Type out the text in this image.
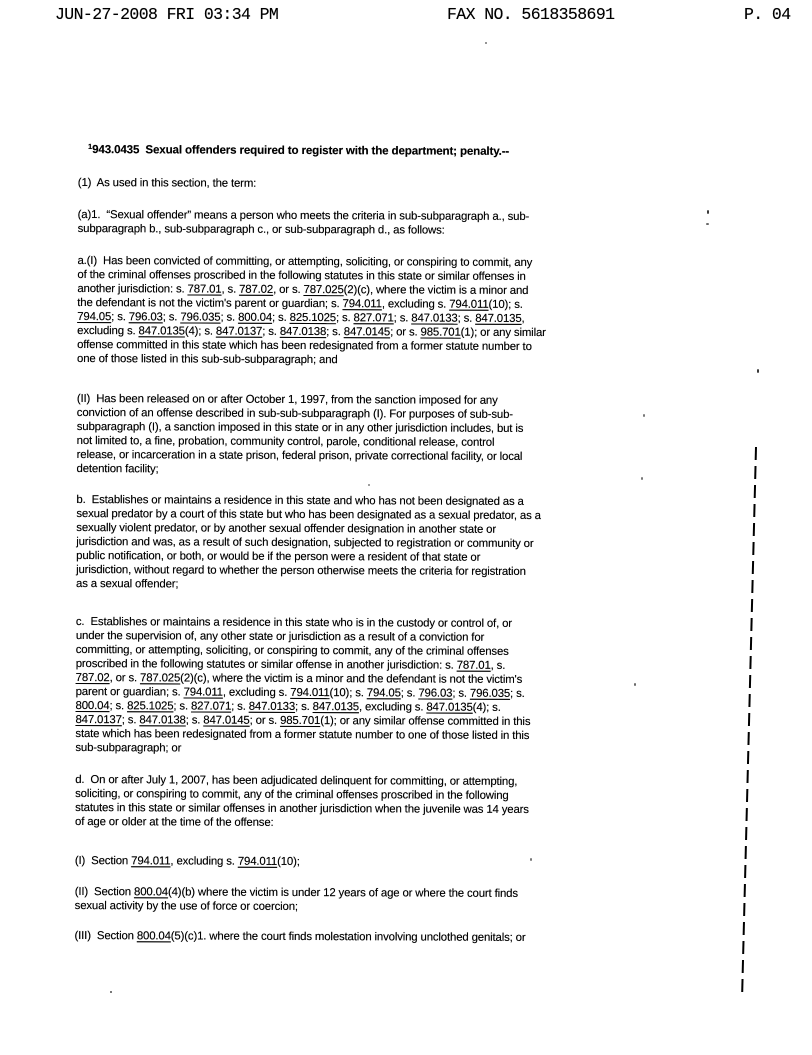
JUN-27-2008 FRI 03:34 PM	FAX NO. 5618358691	P. 04

$^1$943.0435  Sexual offenders required to register with the department; penalty.--

(1)  As used in this section, the term:

(a)1.  “Sexual offender” means a person who meets the criteria in sub-subparagraph a., sub-
subparagraph b., sub-subparagraph c., or sub-subparagraph d., as follows:

a.(I)  Has been convicted of committing, or attempting, soliciting, or conspiring to commit, any
of the criminal offenses proscribed in the following statutes in this state or similar offenses in
another jurisdiction: s. 787.01, s. 787.02, or s. 787.025(2)(c), where the victim is a minor and
the defendant is not the victim's parent or guardian; s. 794.011, excluding s. 794.011(10); s.
794.05; s. 796.03; s. 796.035; s. 800.04; s. 825.1025; s. 827.071; s. 847.0133; s. 847.0135,
excluding s. 847.0135(4); s. 847.0137; s. 847.0138; s. 847.0145; or s. 985.701(1); or any similar
offense committed in this state which has been redesignated from a former statute number to
one of those listed in this sub-sub-subparagraph; and

(II)  Has been released on or after October 1, 1997, from the sanction imposed for any
conviction of an offense described in sub-sub-subparagraph (I). For purposes of sub-sub-
subparagraph (I), a sanction imposed in this state or in any other jurisdiction includes, but is
not limited to, a fine, probation, community control, parole, conditional release, control
release, or incarceration in a state prison, federal prison, private correctional facility, or local
detention facility;

b.  Establishes or maintains a residence in this state and who has not been designated as a
sexual predator by a court of this state but who has been designated as a sexual predator, as a
sexually violent predator, or by another sexual offender designation in another state or
jurisdiction and was, as a result of such designation, subjected to registration or community or
public notification, or both, or would be if the person were a resident of that state or
jurisdiction, without regard to whether the person otherwise meets the criteria for registration
as a sexual offender;

c.  Establishes or maintains a residence in this state who is in the custody or control of, or
under the supervision of, any other state or jurisdiction as a result of a conviction for
committing, or attempting, soliciting, or conspiring to commit, any of the criminal offenses
proscribed in the following statutes or similar offense in another jurisdiction: s. 787.01, s.
787.02, or s. 787.025(2)(c), where the victim is a minor and the defendant is not the victim's
parent or guardian; s. 794.011, excluding s. 794.011(10); s. 794.05; s. 796.03; s. 796.035; s.
800.04; s. 825.1025; s. 827.071; s. 847.0133; s. 847.0135, excluding s. 847.0135(4); s.
847.0137; s. 847.0138; s. 847.0145; or s. 985.701(1); or any similar offense committed in this
state which has been redesignated from a former statute number to one of those listed in this
sub-subparagraph; or

d.  On or after July 1, 2007, has been adjudicated delinquent for committing, or attempting,
soliciting, or conspiring to commit, any of the criminal offenses proscribed in the following
statutes in this state or similar offenses in another jurisdiction when the juvenile was 14 years
of age or older at the time of the offense:

(I)  Section 794.011, excluding s. 794.011(10);

(II)  Section 800.04(4)(b) where the victim is under 12 years of age or where the court finds
sexual activity by the use of force or coercion;

(III)  Section 800.04(5)(c)1. where the court finds molestation involving unclothed genitals; or
